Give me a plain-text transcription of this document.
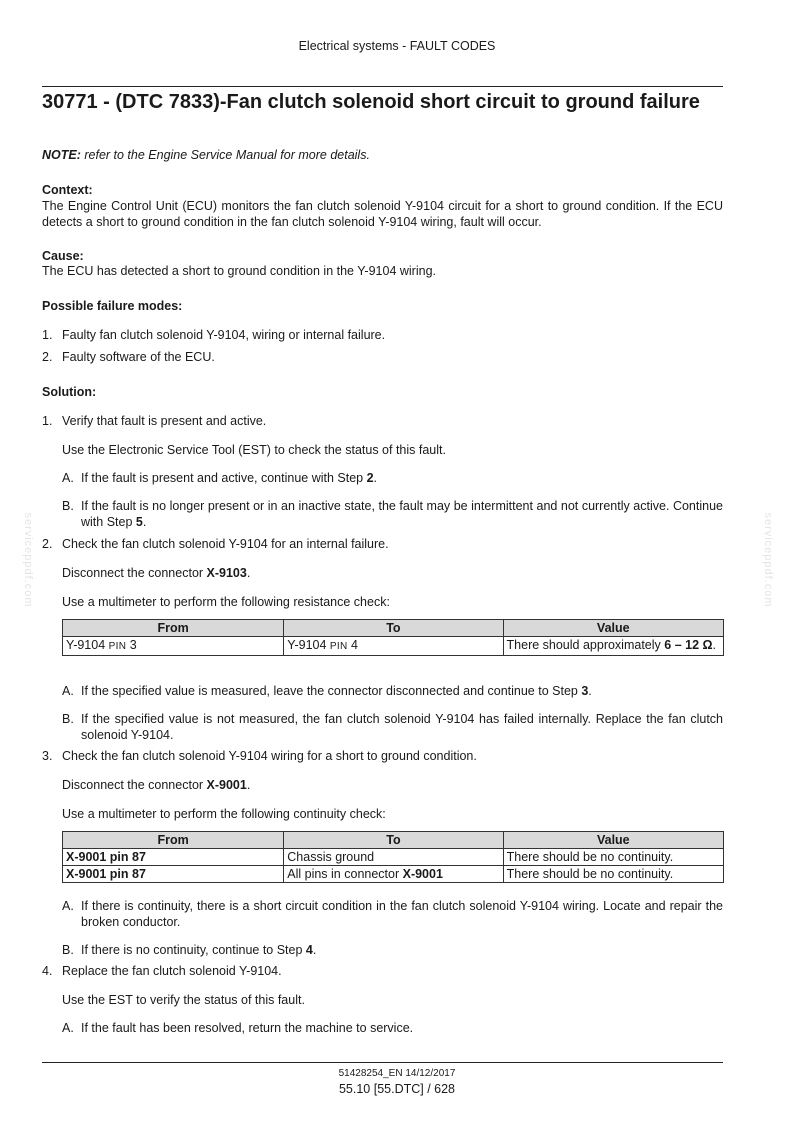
serviceppdf.com	serviceppdf.com
Electrical systems - FAULT CODES
30771 - (DTC 7833)-Fan clutch solenoid short circuit to ground failure
NOTE: refer to the Engine Service Manual for more details.
Context:
The Engine Control Unit (ECU) monitors the fan clutch solenoid Y-9104 circuit for a short to ground condition. If the ECU detects a short to ground condition in the fan clutch solenoid Y-9104 wiring, fault will occur.
Cause:
The ECU has detected a short to ground condition in the Y-9104 wiring.
Possible failure modes:
1. Faulty fan clutch solenoid Y-9104, wiring or internal failure.
2. Faulty software of the ECU.
Solution:
1. Verify that fault is present and active.
Use the Electronic Service Tool (EST) to check the status of this fault.
A. If the fault is present and active, continue with Step 2.
B. If the fault is no longer present or in an inactive state, the fault may be intermittent and not currently active. Continue with Step 5.
2. Check the fan clutch solenoid Y-9104 for an internal failure.
Disconnect the connector X-9103.
Use a multimeter to perform the following resistance check:
From	To	Value
Y-9104 PIN 3	Y-9104 PIN 4	There should approximately 6 – 12 Ω.
A. If the specified value is measured, leave the connector disconnected and continue to Step 3.
B. If the specified value is not measured, the fan clutch solenoid Y-9104 has failed internally. Replace the fan clutch solenoid Y-9104.
3. Check the fan clutch solenoid Y-9104 wiring for a short to ground condition.
Disconnect the connector X-9001.
Use a multimeter to perform the following continuity check:
From	To	Value
X-9001 pin 87	Chassis ground	There should be no continuity.
X-9001 pin 87	All pins in connector X-9001	There should be no continuity.
A. If there is continuity, there is a short circuit condition in the fan clutch solenoid Y-9104 wiring. Locate and repair the broken conductor.
B. If there is no continuity, continue to Step 4.
4. Replace the fan clutch solenoid Y-9104.
Use the EST to verify the status of this fault.
A. If the fault has been resolved, return the machine to service.
51428254_EN 14/12/2017
55.10 [55.DTC] / 628
